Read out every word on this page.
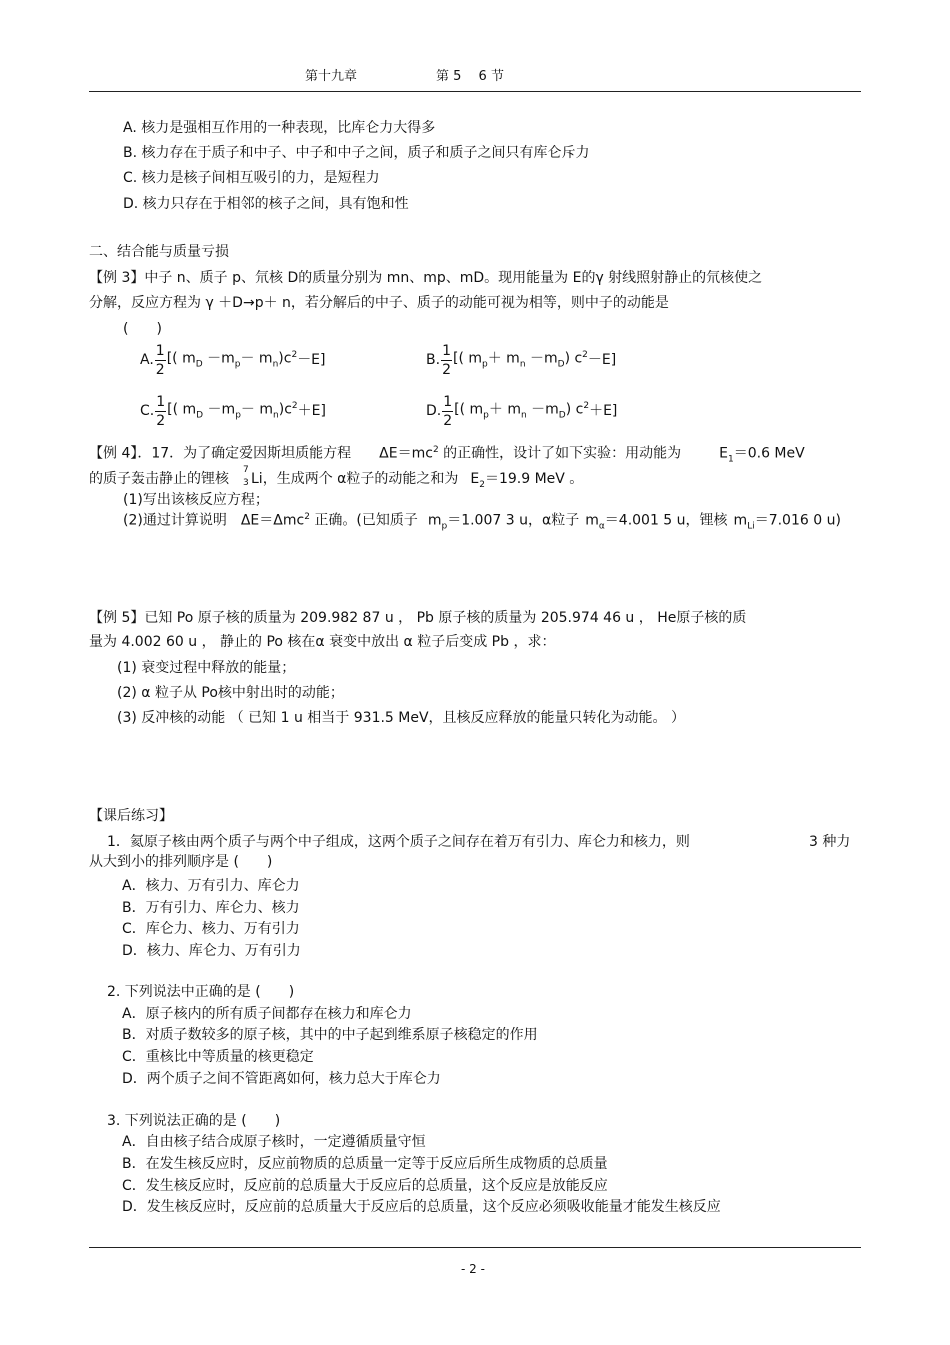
第十九章	第 5　 6 节
A. 核力是强相互作用的一种表现，比库仑力大得多
B. 核力存在于质子和中子、中子和中子之间，质子和质子之间只有库仑斥力
C. 核力是核子间相互吸引的力，是短程力
D. 核力只存在于相邻的核子之间，具有饱和性
二、结合能与质量亏损
【例 3】中子 n、质子 p、氘核 D的质量分别为 mn、mp、mD。现用能量为 E的γ 射线照射静止的氘核使之
分解，反应方程为 γ ＋D→p＋ n，若分解后的中子、质子的动能可视为相等，则中子的动能是
(　　)
A. $\frac{1}{2}$ [( $m_D -m_p- m_n)c^2 -E$]	B. $\frac{1}{2}$ [( $m_p+ m_n -m_D$) $c^2 -E$]
C. $\frac{1}{2}$ [( $m_D -m_p- m_n)c^2 +E$]	D. $\frac{1}{2}$ [( $m_p+ m_n -m_D$) $c^2 +E$]
【例 4】．17．为了确定爱因斯坦质能方程 $\Delta E=mc^2$ 的正确性，设计了如下实验：用动能为	$E_1=0.6$ MeV
的质子轰击静止的锂核
7
3 Li，生成两个 α粒子的动能之和为 $E_2=19.9$ MeV 。
(1)写出该核反应方程；
(2)通过计算说明 ΔE＝Δmc$^2$ 正确。(已知质子 $m_p=1.007$ 3 u，α粒子 $m_\alpha=4.001$ 5 u，锂核 $m_{Li}=7.016$ 0 u)
【例 5】已知 Po 原子核的质量为 209.982 87 u ， Pb 原子核的质量为 205.974 46 u ， He原子核的质
量为 4.002 60 u ， 静止的 Po 核在α 衰变中放出 α 粒子后变成 Pb ，求：
(1) 衰变过程中释放的能量；
(2) α 粒子从 Po核中射出时的动能；
(3) 反冲核的动能 （ 已知 1 u 相当于 931.5 MeV，且核反应释放的能量只转化为动能。 ）
【课后练习】
1．氦原子核由两个质子与两个中子组成，这两个质子之间存在着万有引力、库仑力和核力，则	3 种力
从大到小的排列顺序是 (　　)
A．核力、万有引力、库仑力
B．万有引力、库仑力、核力
C．库仑力、核力、万有引力
D．核力、库仑力、万有引力
2. 下列说法中正确的是 (　　)
A．原子核内的所有质子间都存在核力和库仑力
B．对质子数较多的原子核，其中的中子起到维系原子核稳定的作用
C．重核比中等质量的核更稳定
D．两个质子之间不管距离如何，核力总大于库仑力
3. 下列说法正确的是 (　　)
A．自由核子结合成原子核时，一定遵循质量守恒
B．在发生核反应时，反应前物质的总质量一定等于反应后所生成物质的总质量
C．发生核反应时，反应前的总质量大于反应后的总质量，这个反应是放能反应
D．发生核反应时，反应前的总质量大于反应后的总质量，这个反应必须吸收能量才能发生核反应
- 2 -
